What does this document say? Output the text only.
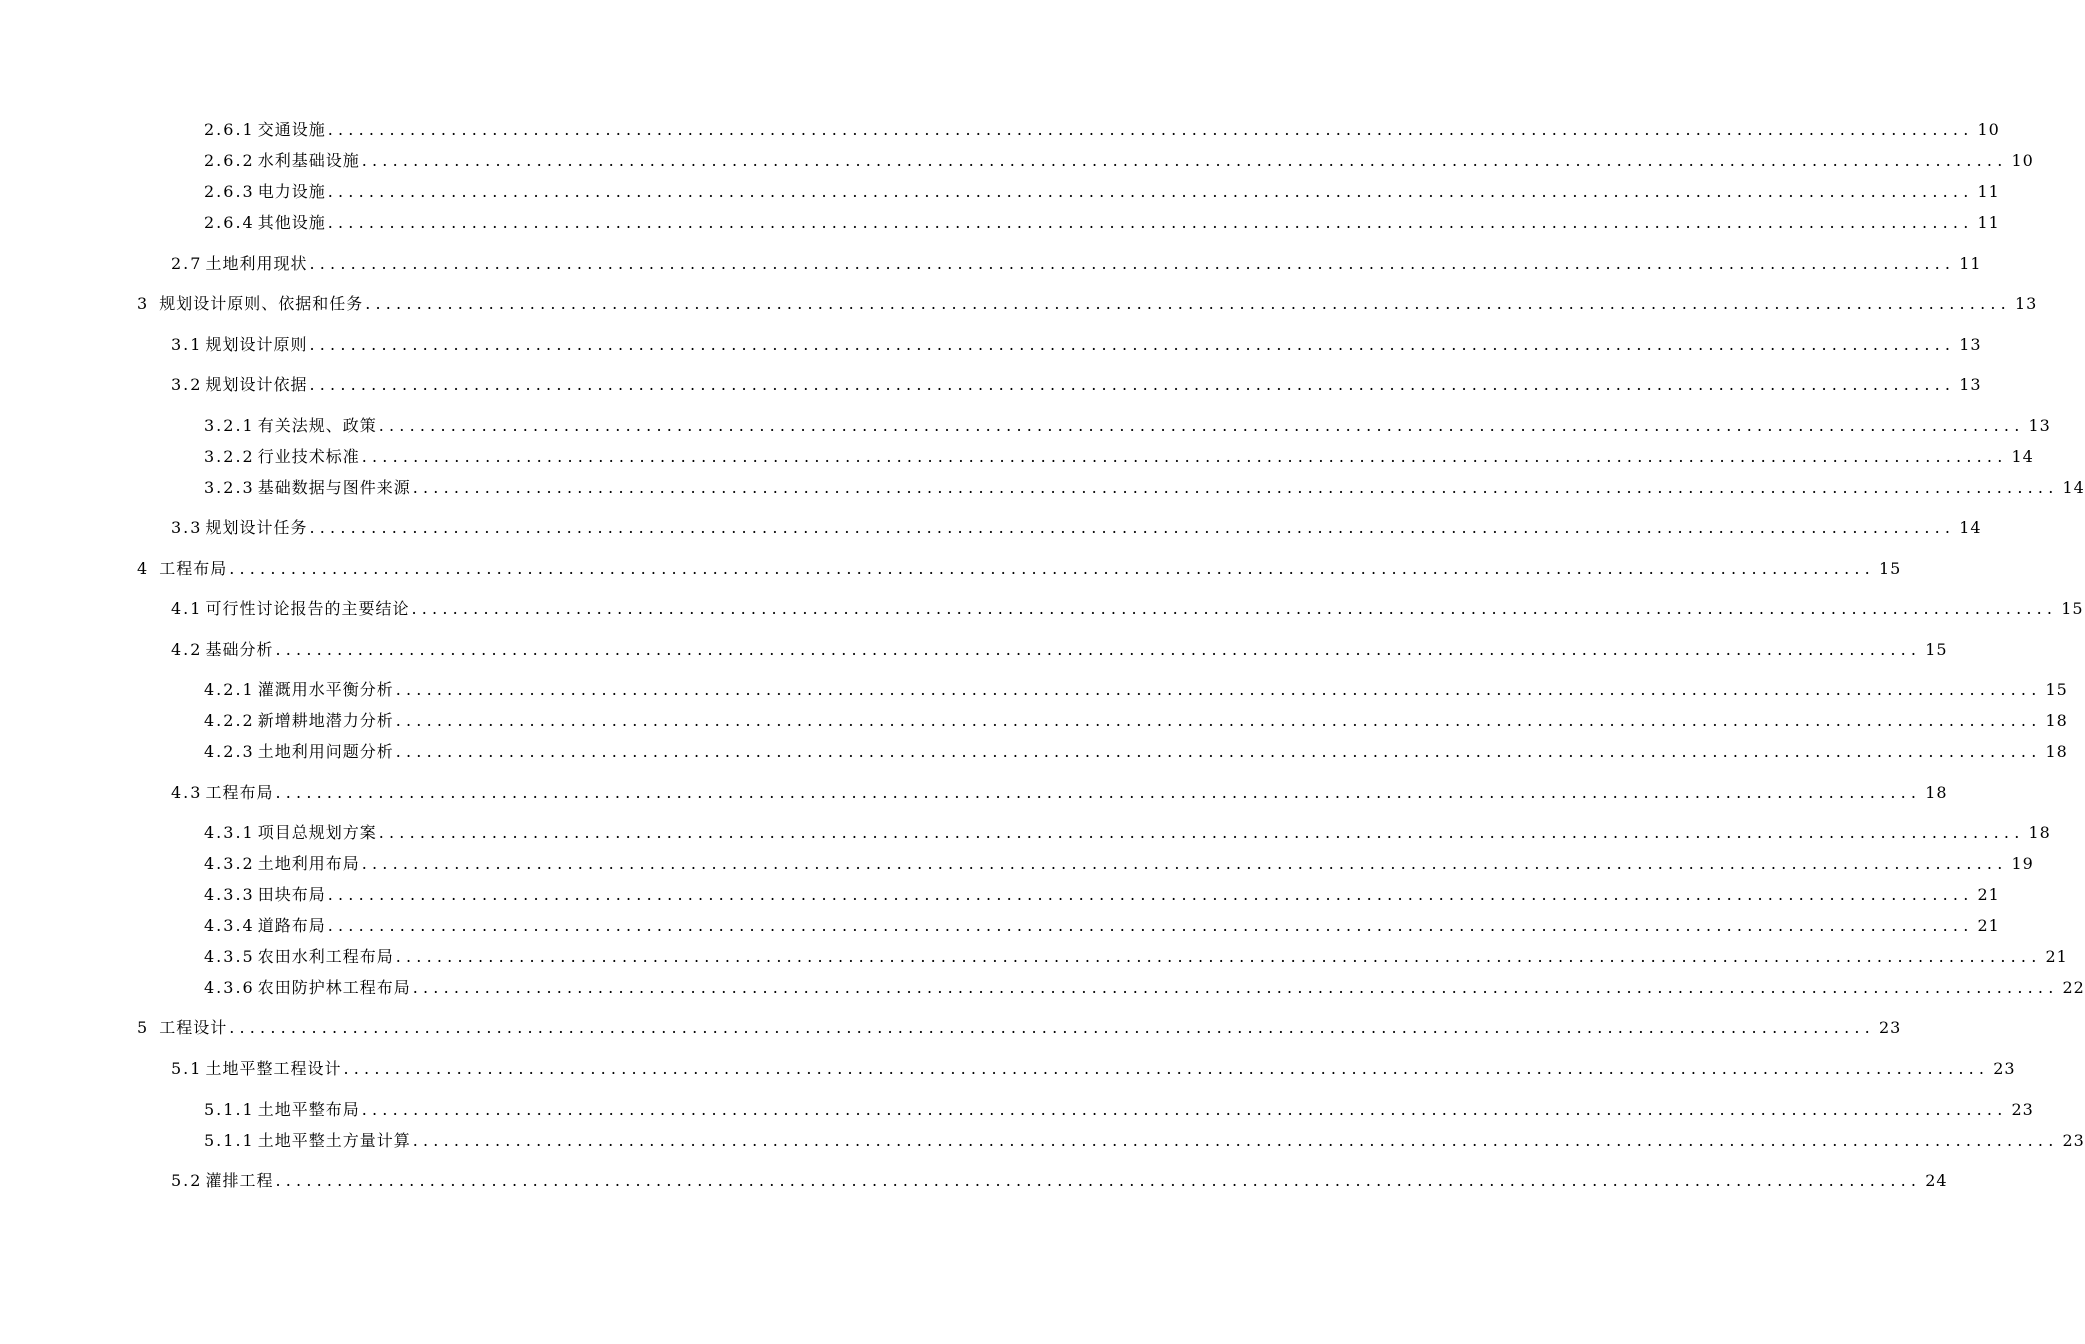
2.6.1 交通设施 ................................................................................................................................................................ 10
2.6.2 水利基础设施 ................................................................................................................................................................ 10
2.6.3 电力设施 ................................................................................................................................................................ 11
2.6.4 其他设施 ................................................................................................................................................................ 11
2.7 土地利用现状 ................................................................................................................................................................ 11
3 规划设计原则、依据和任务 ................................................................................................................................................................ 13
3.1 规划设计原则 ................................................................................................................................................................ 13
3.2 规划设计依据 ................................................................................................................................................................ 13
3.2.1 有关法规、政策 ................................................................................................................................................................ 13
3.2.2 行业技术标准 ................................................................................................................................................................ 14
3.2.3 基础数据与图件来源 ................................................................................................................................................................ 14
3.3 规划设计任务 ................................................................................................................................................................ 14
4 工程布局 ................................................................................................................................................................ 15
4.1 可行性讨论报告的主要结论 ................................................................................................................................................................ 15
4.2 基础分析 ................................................................................................................................................................ 15
4.2.1 灌溉用水平衡分析 ................................................................................................................................................................ 15
4.2.2 新增耕地潜力分析 ................................................................................................................................................................ 18
4.2.3 土地利用问题分析 ................................................................................................................................................................ 18
4.3 工程布局 ................................................................................................................................................................ 18
4.3.1 项目总规划方案 ................................................................................................................................................................ 18
4.3.2 土地利用布局 ................................................................................................................................................................ 19
4.3.3 田块布局 ................................................................................................................................................................ 21
4.3.4 道路布局 ................................................................................................................................................................ 21
4.3.5 农田水利工程布局 ................................................................................................................................................................ 21
4.3.6 农田防护林工程布局 ................................................................................................................................................................ 22
5 工程设计 ................................................................................................................................................................ 23
5.1 土地平整工程设计 ................................................................................................................................................................ 23
5.1.1 土地平整布局 ................................................................................................................................................................ 23
5.1.1 土地平整土方量计算 ................................................................................................................................................................ 23
5.2 灌排工程 ................................................................................................................................................................ 24
